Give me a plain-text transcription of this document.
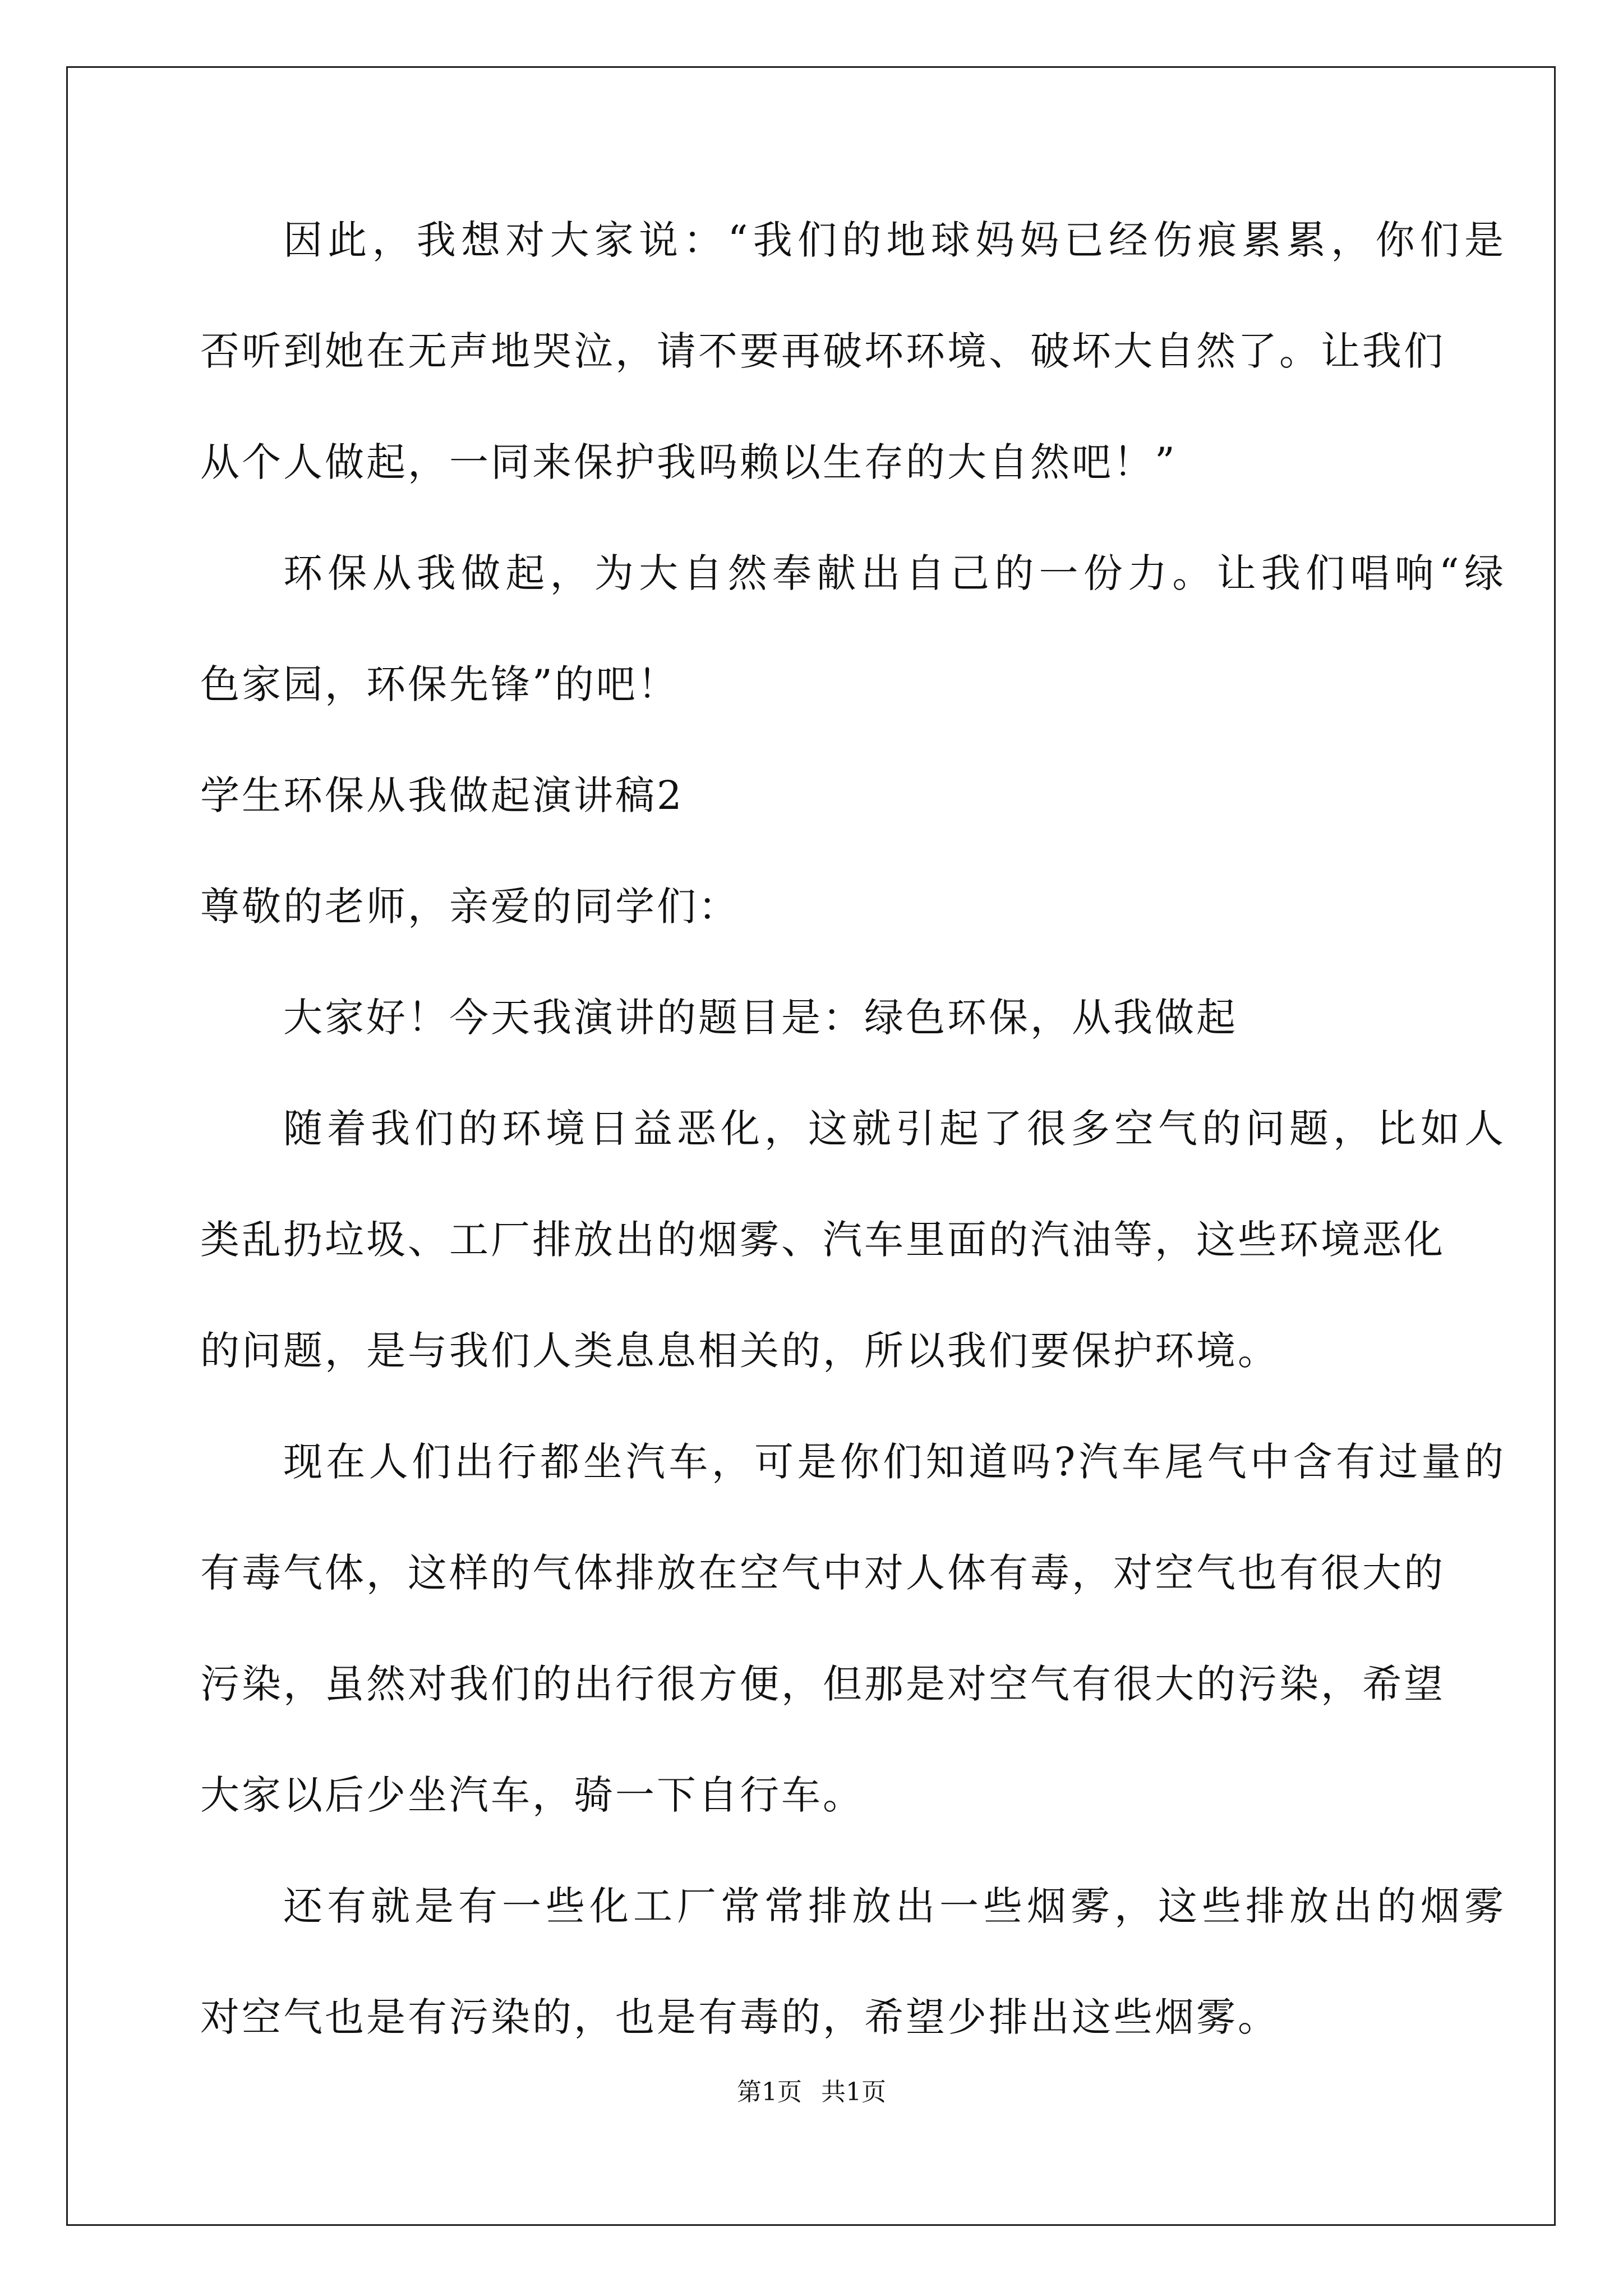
因此，我想对大家说：“我们的地球妈妈已经伤痕累累，你们是
否听到她在无声地哭泣，请不要再破坏环境、破坏大自然了。让我们
从个人做起，一同来保护我吗赖以生存的大自然吧！”
环保从我做起，为大自然奉献出自己的一份力。让我们唱响“绿
色家园，环保先锋”的吧！
学生环保从我做起演讲稿2
尊敬的老师，亲爱的同学们：
大家好！今天我演讲的题目是：绿色环保，从我做起
随着我们的环境日益恶化，这就引起了很多空气的问题，比如人
类乱扔垃圾、工厂排放出的烟雾、汽车里面的汽油等，这些环境恶化
的问题，是与我们人类息息相关的，所以我们要保护环境。
现在人们出行都坐汽车，可是你们知道吗?汽车尾气中含有过量的
有毒气体，这样的气体排放在空气中对人体有毒，对空气也有很大的
污染，虽然对我们的出行很方便，但那是对空气有很大的污染，希望
大家以后少坐汽车，骑一下自行车。
还有就是有一些化工厂常常排放出一些烟雾，这些排放出的烟雾
对空气也是有污染的，也是有毒的，希望少排出这些烟雾。
第1页 共1页
